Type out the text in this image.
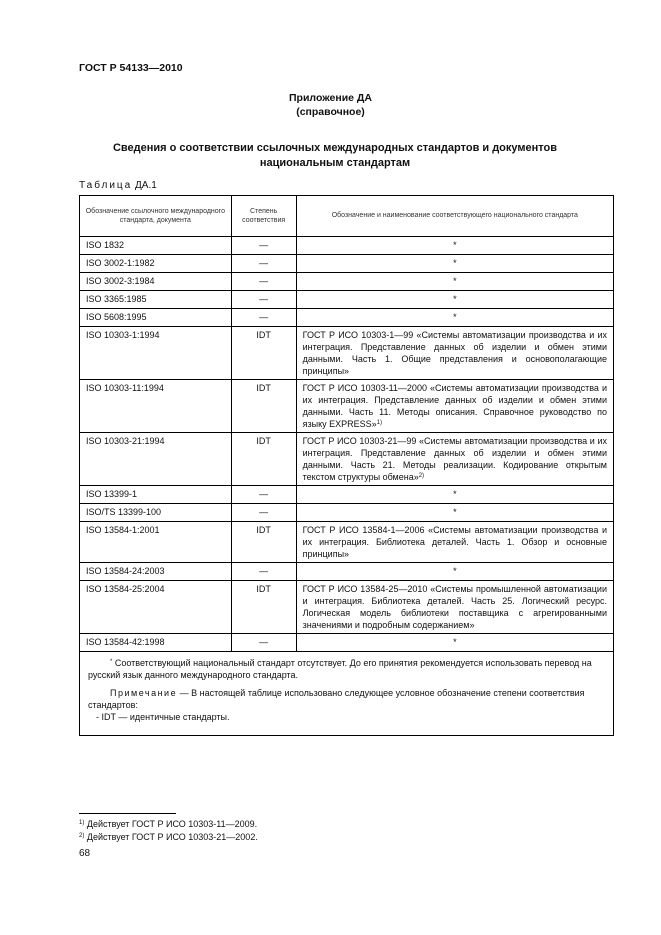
ГОСТ Р 54133—2010
Приложение ДА
(справочное)
Сведения о соответствии ссылочных международных стандартов и документов
национальным стандартам
Таблица ДА.1
Обозначение ссылочного международного стандарта, документа	Степень соответствия	Обозначение и наименование соответствующего национального стандарта
ISO 1832	—	*
ISO 3002-1:1982	—	*
ISO 3002-3:1984	—	*
ISO 3365:1985	—	*
ISO 5608:1995	—	*
ISO 10303-1:1994	IDT	ГОСТ Р ИСО 10303-1—99 «Системы автоматизации производства и их интеграция. Представление данных об изделии и обмен этими данными. Часть 1. Общие представления и основополагающие принципы»
ISO 10303-11:1994	IDT	ГОСТ Р ИСО 10303-11—2000 «Системы автоматизации производства и их интеграция. Представление данных об изделии и обмен этими данными. Часть 11. Методы описания. Справочное руководство по языку EXPRESS»$^{1)}$
ISO 10303-21:1994	IDT	ГОСТ Р ИСО 10303-21—99 «Системы автоматизации производства и их интеграция. Представление данных об изделии и обмен этими данными. Часть 21. Методы реализации. Кодирование открытым текстом структуры обмена»$^{2)}$
ISO 13399-1	—	*
ISO/TS 13399-100	—	*
ISO 13584-1:2001	IDT	ГОСТ Р ИСО 13584-1—2006 «Системы автоматизации производства и их интеграция. Библиотека деталей. Часть 1. Обзор и основные принципы»
ISO 13584-24:2003	—	*
ISO 13584-25:2004	IDT	ГОСТ Р ИСО 13584-25—2010 «Системы промышленной автоматизации и интеграция. Библиотека деталей. Часть 25. Логический ресурс. Логическая модель библиотеки поставщика с агрегированными значениями и подробным содержанием»
ISO 13584-42:1998	—	*

* Соответствующий национальный стандарт отсутствует. До его принятия рекомендуется использовать перевод на русский язык данного международного стандарта.

Примечание — В настоящей таблице использовано следующее условное обозначение степени соответствия стандартов:

- IDT — идентичные стандарты.		

$^{1)}$ Действует ГОСТ Р ИСО 10303-11—2009.
$^{2)}$ Действует ГОСТ Р ИСО 10303-21—2002.
68
